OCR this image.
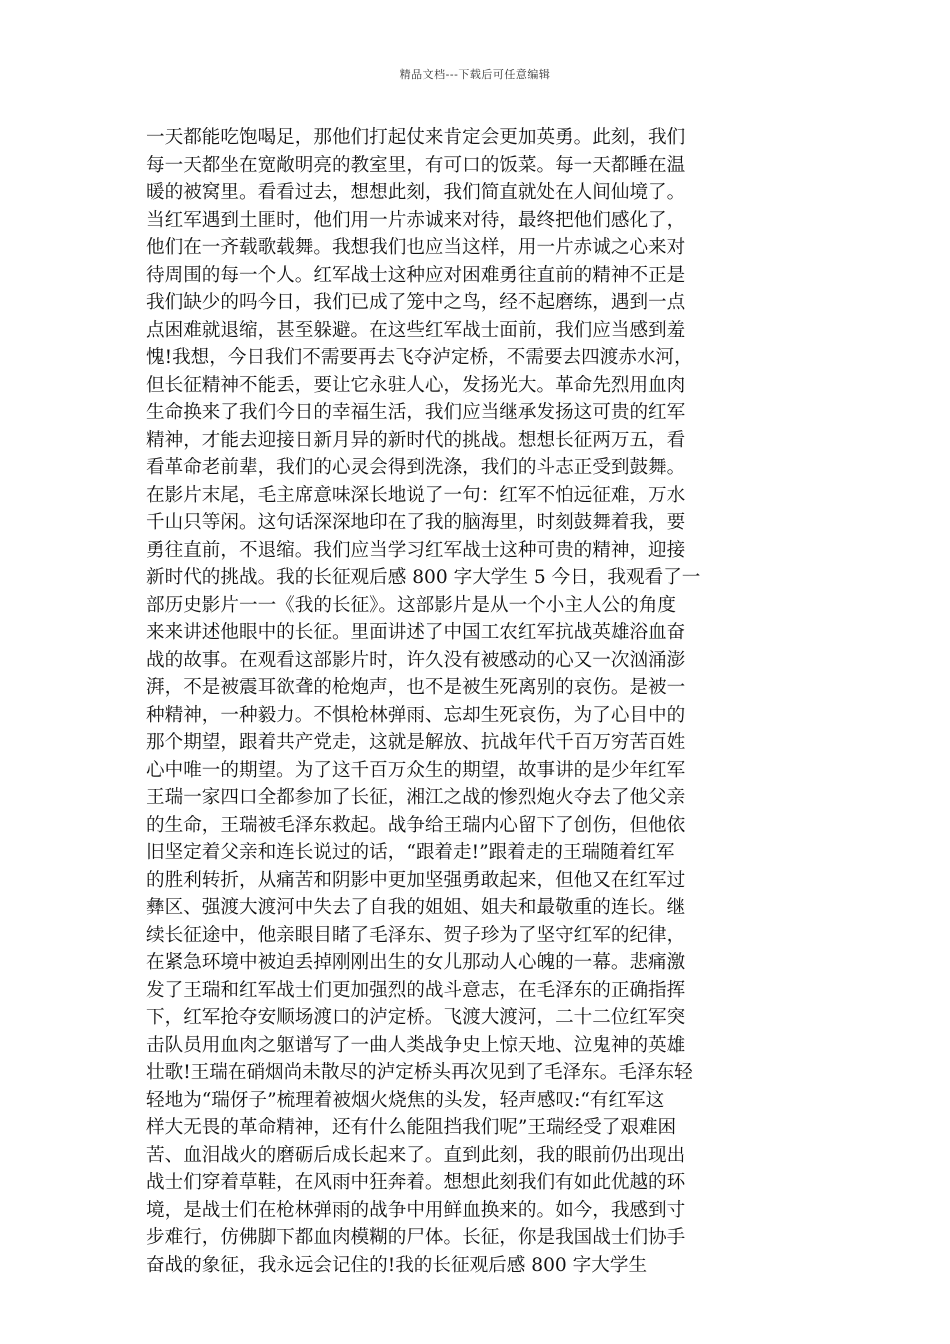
精品文档---下载后可任意编辑
一天都能吃饱喝足，那他们打起仗来肯定会更加英勇。此刻，我们
每一天都坐在宽敞明亮的教室里，有可口的饭菜。每一天都睡在温
暖的被窝里。看看过去，想想此刻，我们简直就处在人间仙境了。
当红军遇到土匪时，他们用一片赤诚来对待，最终把他们感化了，
他们在一齐载歌载舞。我想我们也应当这样，用一片赤诚之心来对
待周围的每一个人。红军战士这种应对困难勇往直前的精神不正是
我们缺少的吗今日，我们已成了笼中之鸟，经不起磨练，遇到一点
点困难就退缩，甚至躲避。在这些红军战士面前，我们应当感到羞
愧!我想，今日我们不需要再去飞夺泸定桥，不需要去四渡赤水河，
但长征精神不能丢，要让它永驻人心，发扬光大。革命先烈用血肉
生命换来了我们今日的幸福生活，我们应当继承发扬这可贵的红军
精神，才能去迎接日新月异的新时代的挑战。想想长征两万五，看
看革命老前辈，我们的心灵会得到洗涤，我们的斗志正受到鼓舞。
在影片末尾，毛主席意味深长地说了一句：红军不怕远征难，万水
千山只等闲。这句话深深地印在了我的脑海里，时刻鼓舞着我，要
勇往直前，不退缩。我们应当学习红军战士这种可贵的精神，迎接
新时代的挑战。我的长征观后感 800 字大学生 5 今日，我观看了一
部历史影片一一《我的长征》。这部影片是从一个小主人公的角度
来来讲述他眼中的长征。里面讲述了中国工农红军抗战英雄浴血奋
战的故事。在观看这部影片时，许久没有被感动的心又一次汹涌澎
湃，不是被震耳欲聋的枪炮声，也不是被生死离别的哀伤。是被一
种精神，一种毅力。不惧枪林弹雨、忘却生死哀伤，为了心目中的
那个期望，跟着共产党走，这就是解放、抗战年代千百万穷苦百姓
心中唯一的期望。为了这千百万众生的期望，故事讲的是少年红军
王瑞一家四口全都参加了长征，湘江之战的惨烈炮火夺去了他父亲
的生命，王瑞被毛泽东救起。战争给王瑞内心留下了创伤，但他依
旧坚定着父亲和连长说过的话，“跟着走!”跟着走的王瑞随着红军
的胜利转折，从痛苦和阴影中更加坚强勇敢起来，但他又在红军过
彝区、强渡大渡河中失去了自我的姐姐、姐夫和最敬重的连长。继
续长征途中，他亲眼目睹了毛泽东、贺子珍为了坚守红军的纪律，
在紧急环境中被迫丢掉刚刚出生的女儿那动人心魄的一幕。悲痛激
发了王瑞和红军战士们更加强烈的战斗意志，在毛泽东的正确指挥
下，红军抢夺安顺场渡口的泸定桥。飞渡大渡河，二十二位红军突
击队员用血肉之躯谱写了一曲人类战争史上惊天地、泣鬼神的英雄
壮歌!王瑞在硝烟尚未散尽的泸定桥头再次见到了毛泽东。毛泽东轻
轻地为“瑞伢子”梳理着被烟火烧焦的头发，轻声感叹:“有红军这
样大无畏的革命精神，还有什么能阻挡我们呢”王瑞经受了艰难困
苦、血泪战火的磨砺后成长起来了。直到此刻，我的眼前仍出现出
战士们穿着草鞋，在风雨中狂奔着。想想此刻我们有如此优越的环
境，是战士们在枪林弹雨的战争中用鲜血换来的。如今，我感到寸
步难行，仿佛脚下都血肉模糊的尸体。长征，你是我国战士们协手
奋战的象征，我永远会记住的!我的长征观后感 800 字大学生
